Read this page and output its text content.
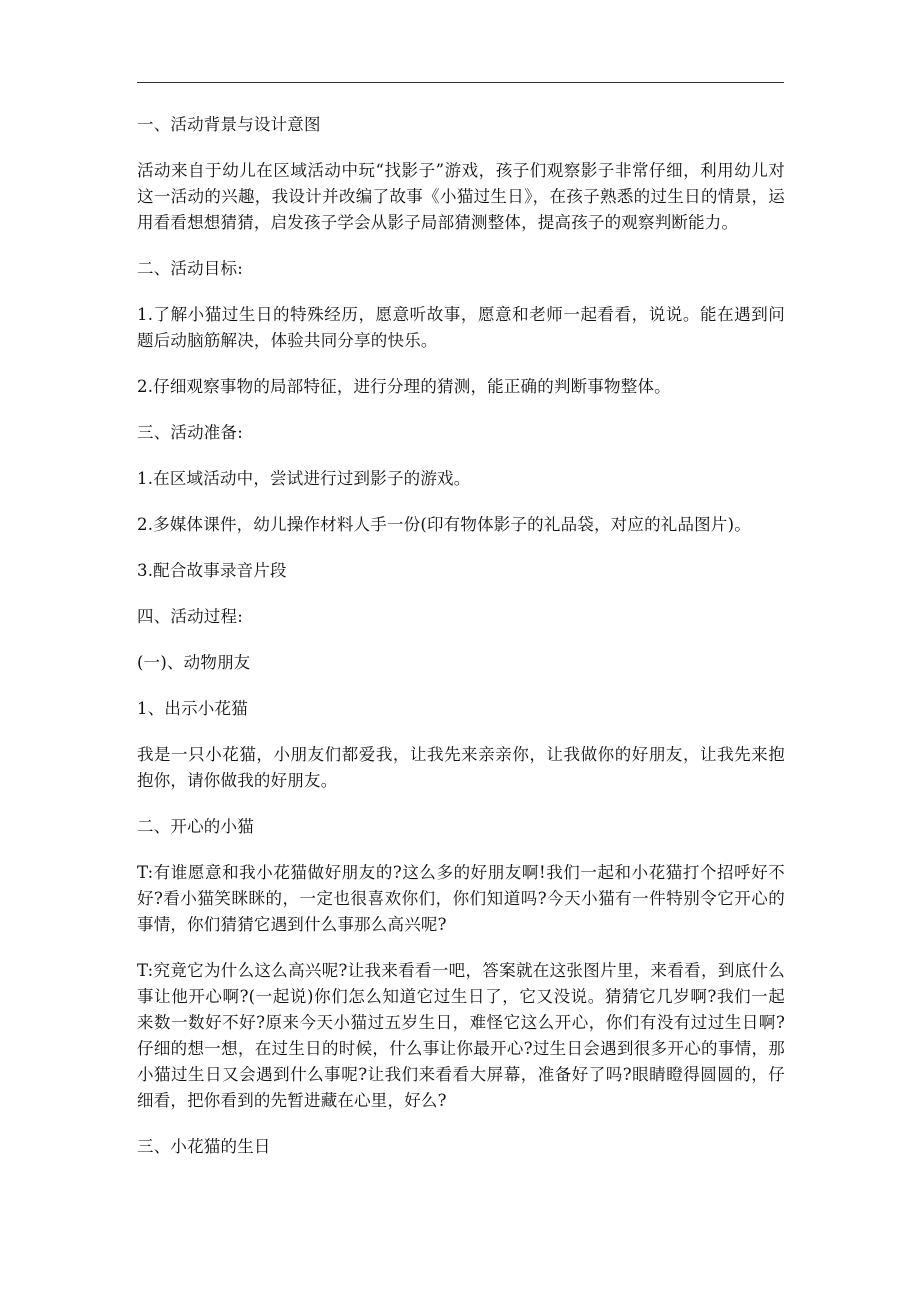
一、活动背景与设计意图

活动来自于幼儿在区域活动中玩“找影子”游戏，孩子们观察影子非常仔细，利用幼儿对这一活动的兴趣，我设计并改编了故事《小猫过生日》，在孩子熟悉的过生日的情景，运用看看想想猜猜，启发孩子学会从影子局部猜测整体，提高孩子的观察判断能力。

二、活动目标:

1.了解小猫过生日的特殊经历，愿意听故事，愿意和老师一起看看，说说。能在遇到问题后动脑筋解决，体验共同分享的快乐。

2.仔细观察事物的局部特征，进行分理的猜测，能正确的判断事物整体。

三、活动准备:

1.在区域活动中，尝试进行过到影子的游戏。

2.多媒体课件，幼儿操作材料人手一份(印有物体影子的礼品袋，对应的礼品图片)。

3.配合故事录音片段

四、活动过程:

(一)、动物朋友

1、出示小花猫

我是一只小花猫，小朋友们都爱我，让我先来亲亲你，让我做你的好朋友，让我先来抱抱你，请你做我的好朋友。

二、开心的小猫

T:有谁愿意和我小花猫做好朋友的?这么多的好朋友啊!我们一起和小花猫打个招呼好不好?看小猫笑眯眯的，一定也很喜欢你们，你们知道吗?今天小猫有一件特别令它开心的事情，你们猜猜它遇到什么事那么高兴呢?

T:究竟它为什么这么高兴呢?让我来看看一吧，答案就在这张图片里，来看看，到底什么事让他开心啊?(一起说)你们怎么知道它过生日了，它又没说。猜猜它几岁啊?我们一起来数一数好不好?原来今天小猫过五岁生日，难怪它这么开心，你们有没有过过生日啊?仔细的想一想，在过生日的时候，什么事让你最开心?过生日会遇到很多开心的事情，那小猫过生日又会遇到什么事呢?让我们来看看大屏幕，准备好了吗?眼睛瞪得圆圆的，仔细看，把你看到的先暂进藏在心里，好么?

三、小花猫的生日
